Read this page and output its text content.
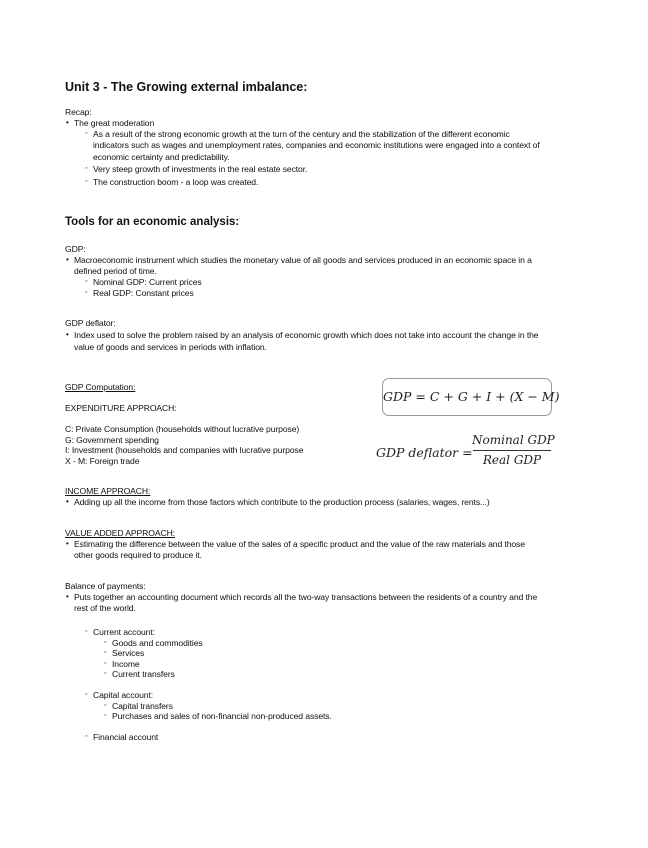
Unit 3 - The Growing external imbalance:
Recap:
• The great moderation
◦ As a result of the strong economic growth at the turn of the century and the stabilization of the different economic
indicators such as wages and unemployment rates, companies and economic institutions were engaged into a context of
economic certainty and predictability.
◦ Very steep growth of investments in the real estate sector.
◦ The construction boom - a loop was created.
Tools for an economic analysis:
GDP:
• Macroeconomic instrument which studies the monetary value of all goods and services produced in an economic space in a
defined period of time.
◦ Nominal GDP: Current prices
◦ Real GDP: Constant prices
GDP deflator:
• Index used to solve the problem raised by an analysis of economic growth which does not take into account the change in the
value of goods and services in periods with inflation.
GDP Computation:
EXPENDITURE APPROACH:
C: Private Consumption (households without lucrative purpose)
G: Government spending
I: Investment (households and companies with lucrative purpose
X - M: Foreign trade
GDP = C + G + I + (X − M)
GDP deflator =
Nominal GDP
Real GDP
INCOME APPROACH:
• Adding up all the income from those factors which contribute to the production process (salaries, wages, rents...)
VALUE ADDED APPROACH:
• Estimating the difference between the value of the sales of a specific product and the value of the raw materials and those
other goods required to produce it.
Balance of payments:
• Puts together an accounting document which records all the two-way transactions between the residents of a country and the
rest of the world.
◦ Current account:
◦ Goods and commodities
◦ Services
◦ Income
◦ Current transfers
◦ Capital account:
◦ Capital transfers
◦ Purchases and sales of non-financial non-produced assets.
◦ Financial account
